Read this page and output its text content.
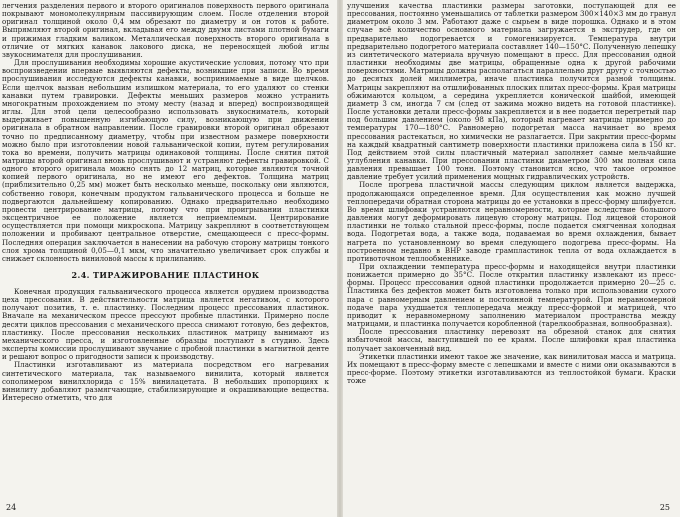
легчения разделения первого и второго оригиналов поверхность первого оригинала покрывают мономолекулярным пассивирующим слоем. После отделения второй оригинал толщиной около 0,4 мм обрезают по диаметру и он готов к работе. Выпрямляют второй оригинал, вкладывая его между двумя листами плотной бумаги и прижимая гладким валиком. Металлическая поверхность второго оригинала в отличие от мягких канавок лакового диска, не переносящей любой иглы звукоснимателя для прослушивания.

Для прослушивания необходимы хорошие акустические условия, потому что при воспроизведении впервые выявляются дефекты, возникшие при записи. Во время прослушивания исследуются дефекты канавки, воспринимаемые в виде щелчков. Если щелчок вызван небольшим излишком материала, то его удаляют со стенки канавки путем гравировки. Дефекты меньших размеров можно устранить многократным прохождением по этому месту (назад и вперед) воспроизводящей иглы. Для этой цели целесообразно использовать звукосниматель, который выдерживает повышенную изгибающую силу, возникающую при движении оригинала в обратном направлении. После гравировки второй оригинал обрезают точно по предписанному диаметру, чтобы при известном размере поверхности можно было при изготовлении новой гальванической копии, путем регулирования тока во времени, получить матрицы одинаковой толщины. После снятия пятой матрицы второй оригинал вновь прослушивают и устраняют дефекты гравировкой. С одного второго оригинала можно снять до 12 матриц, которые являются точной копией первого оригинала, но не имеют его дефектов. Толщина матриц (приблизительно 0,25 мм) может быть несколько меньше, поскольку они являются, собственно говоря, конечным продуктом гальванического процесса и больше не подвергаются дальнейшему копированию. Однако предварительно необходимо провести центрирование матрицы, потому что при проигрывании пластинки эксцентричное ее положение является неприемлемым. Центрирование осуществляется при помощи микроскопа. Матрицу закрепляют в соответствующем положении и пробивают центральное отверстие, смещающееся с пресс-формы. Последняя операция заключается в нанесении на рабочую сторону матрицы тонкого слоя хрома толщиной 0,05—0,1 мкм, что значительно увеличивает срок службы и снижает склонность виниловой массы к прилипанию.

2.4. ТИРАЖИРОВАНИЕ ПЛАСТИНОК

Конечная продукция гальванического процесса является орудием производства цеха прессования. В действительности матрица является негативом, с которого получают позитив, т. е. пластинку. Последним процесс прессования пластинок. Вначале на механическом прессе прессуют пробные пластинки. Примерно после десяти циклов прессования с механического пресса снимают готовую, без дефектов, пластинку. После прессования нескольких пластинок матрицу вынимают из механического пресса, и изготовленные образцы поступают в студию. Здесь эксперты комиссии прослушивают звучание с пробной пластинки в магнитной денте и решают вопрос о пригодности записи к производству.

Пластинки изготавливают из материала посредством его нагревания синтетического материала, так называемого винилита, который является сополимером винилхлорида с 15% винилацетата. В небольших пропорциях к винилиту добавляют размягчающие, стабилизирующие и окрашивающие вещества. Интересно отметить, что для

24

улучшения качества пластинки размеры заготовки, поступающей для ее прессования, постоянно уменьшались от таблетки размером 300×140×3 мм до гранул диаметром около 3 мм. Работают даже с сырьем в виде порошка. Однако и в этом случае всё количество основного материала загружается в экструдер, где он предварительно подогревается и гомогенизируется. Температура внутри предварительно подогретого материала составляет 140—150°С. Полученную лепешку из синтетического материала вручную помещают в пресс. Для прессования одной пластинки необходимы две матрицы, обращенные одна к другой рабочими поверхностями. Матрицы должны располагаться параллельно друг другу с точностью до десятых долей миллиметра, иначе пластинка получится разной толщины. Матрицы закрепляют на отшлифованных плоских плитах пресс-формы. Края матрицы обжимаются кольцом, а середина укрепляется конической шайбой, имеющей диаметр 3 см, иногда 7 см (след от зажима можно видеть на готовой пластинке). После установки детали пресс-формы закрепляется и в нее подается перегретый пар под большим давлением (около 98 кПа), который нагревает матрицы примерно до температуры 170—180°С. Равномерно подогретая масса начинает во время прессования растекаться, но химически не разлагается. При закрытии пресс-формы на каждый квадратный сантиметр поверхности пластинки приложена сила в 150 кг. Под действием этой силы пластичный материал заполняет самые мельчайшие углубления канавки. При прессовании пластинки диаметром 300 мм полная сила давления превышает 100 тонн. Поэтому становится ясно, что такое огромное давление требует усилий применения мощных гидравлических устройств.

После прогрева пластичной массы следующим циклом является выдержка, продолжающаяся определенное время. Для осуществления как можно лучшей теплопередачи обратная сторона матрицы до ее установки в пресс-форму шлифуется. Во время шлифовки устраняются неравномерности, которые вследствие большого давления могут деформировать лицевую сторону матрицы. Под лицевой стороной пластинки не только стальной пресс-формы, после подается смягченная холодная вода. Подогретая вода, а также вода, подаваемая во время охлаждения, бывает нагрета по установленному во время следующего подогрева пресс-формы. На построенном недавно в ВНР заводе грампластинок тепла от вода охлаждается в противоточном теплообменнике.

При охлаждении температура пресс-формы и находящейся внутри пластинки понижается примерно до 35°С. После открытия пластинку извлекают из пресс-формы. Процесс прессования одной пластинки продолжается примерно 20—25 с. Пластинка без дефектов может быть изготовлена только при использовании сухого пара с равномерным давлением и постоянной температурой. При неравномерной подаче пара ухудшается теплопередача между пресс-формой и матрицей, что приводит к неравномерному заполнению материалом пространства между матрицами, и пластинка получается коробленной (тарелкообразная, волнообразная).

После прессования пластинку перевозят на обрезной станок для снятия избыточной массы, выступившей по ее краям. После шлифовки края пластинка получает законченный вид.

Этикетки пластинки имеют такое же значение, как винилитовая масса и матрица. Их помещают в пресс-форму вместе с лепешками и вместе с ними они оказываются в пресс-форме. Поэтому этикетки изготавливаются из теплостойкой бумаги. Краски тоже

25
